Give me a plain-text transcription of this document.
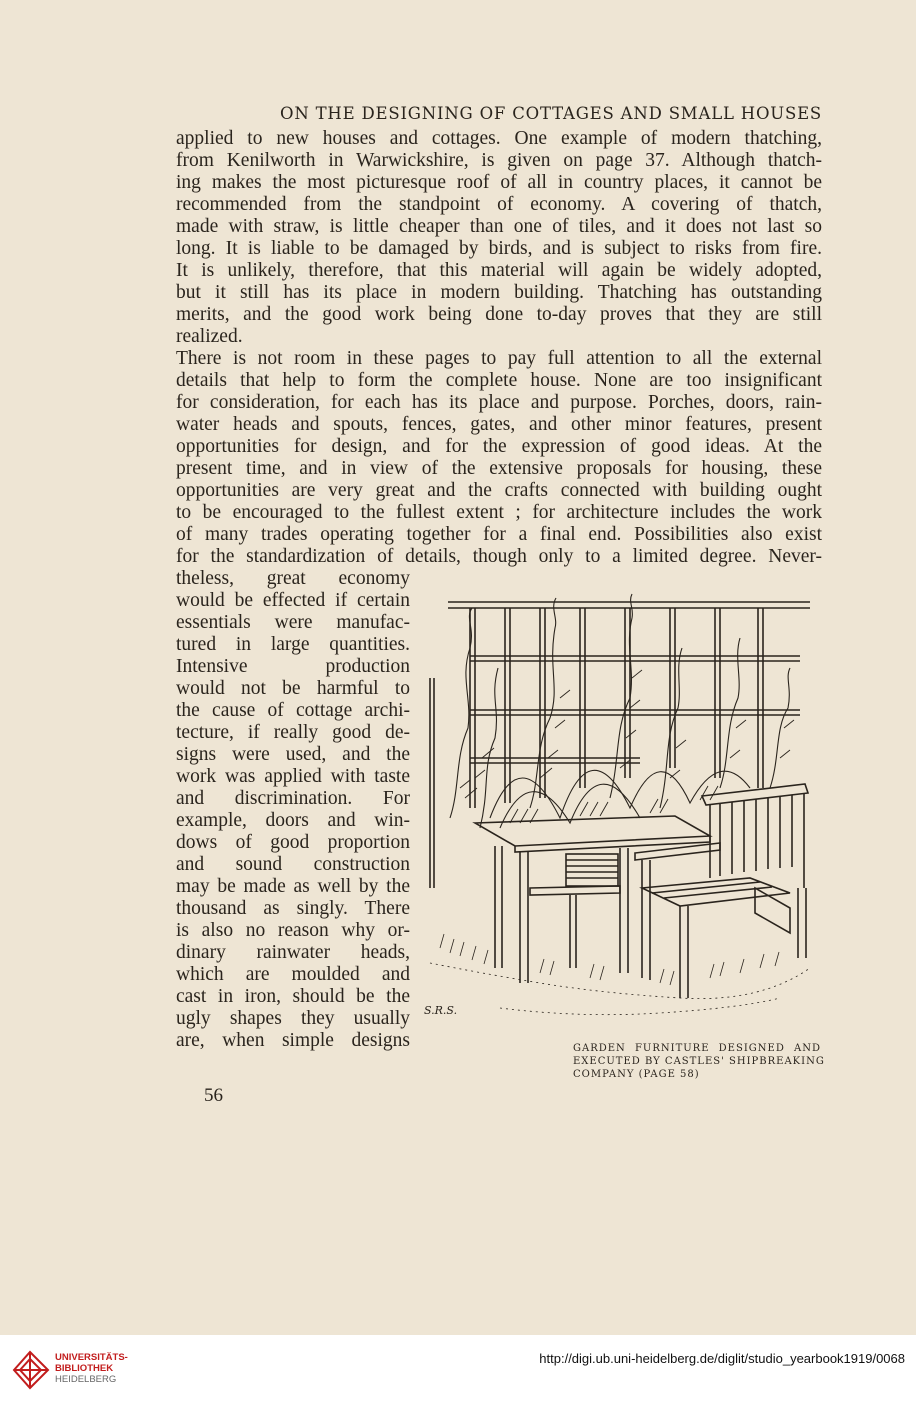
ON THE DESIGNING OF COTTAGES AND SMALL HOUSES
applied to new houses and cottages. One example of modern thatching,
from Kenilworth in Warwickshire, is given on page 37. Although thatch-
ing makes the most picturesque roof of all in country places, it cannot be
recommended from the standpoint of economy. A covering of thatch,
made with straw, is little cheaper than one of tiles, and it does not last so
long. It is liable to be damaged by birds, and is subject to risks from fire.
It is unlikely, therefore, that this material will again be widely adopted,
but it still has its place in modern building. Thatching has outstanding
merits, and the good work being done to-day proves that they are still
realized.
There is not room in these pages to pay full attention to all the external
details that help to form the complete house. None are too insignificant
for consideration, for each has its place and purpose. Porches, doors, rain-
water heads and spouts, fences, gates, and other minor features, present
opportunities for design, and for the expression of good ideas. At the
present time, and in view of the extensive proposals for housing, these
opportunities are very great and the crafts connected with building ought
to be encouraged to the fullest extent ; for architecture includes the work
of many trades operating together for a final end. Possibilities also exist
for the standardization of details, though only to a limited degree. Never-
theless, great economy
would be effected if certain
essentials were manufac-
tured in large quantities.
Intensive production
would not be harmful to
the cause of cottage archi-
tecture, if really good de-
signs were used, and the
work was applied with taste
and discrimination. For
example, doors and win-
dows of good proportion
and sound construction
may be made as well by the
thousand as singly. There
is also no reason why or-
dinary rainwater heads,
which are moulded and
cast in iron, should be the
ugly shapes they usually
are, when simple designs
56
S.R.S.
GARDEN FURNITURE DESIGNED AND
EXECUTED BY CASTLES' SHIPBREAKING
COMPANY (PAGE 58)
UNIVERSITÄTS-
BIBLIOTHEK
HEIDELBERG
http://digi.ub.uni-heidelberg.de/diglit/studio_yearbook1919/0068
